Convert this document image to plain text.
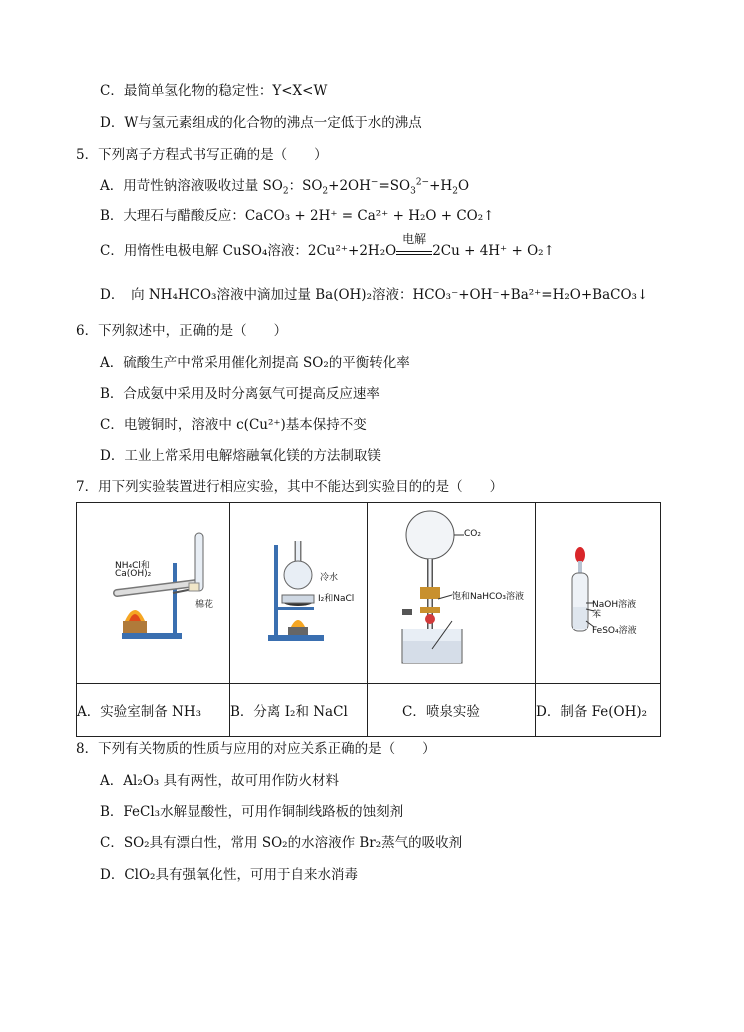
C．最简单氢化物的稳定性：Y<X<W
D．W与氢元素组成的化合物的沸点一定低于水的沸点
5．下列离子方程式书写正确的是（　　）
A．用苛性钠溶液吸收过量 $SO_2$：$SO_2+2OH^-=SO_3^{2-}+H_2O$
B．大理石与醋酸反应：CaCO₃ + 2H⁺ = Ca²⁺ + H₂O + CO₂↑
C．用惰性电极电解 CuSO₄溶液：2Cu²⁺+2H₂O
电解
2Cu + 4H⁺ + O₂↑
D．　向 NH₄HCO₃溶液中滴加过量 Ba(OH)₂溶液：HCO₃⁻+OH⁻+Ba²⁺=H₂O+BaCO₃↓
6．下列叙述中，正确的是（　　）
A．硫酸生产中常采用催化剂提高 SO₂的平衡转化率
B．合成氨中采用及时分离氨气可提高反应速率
C．电镀铜时，溶液中 c(Cu²⁺)基本保持不变
D．工业上常采用电解熔融氧化镁的方法制取镁
7．用下列实验装置进行相应实验，其中不能达到实验目的的是（　　）
NH₄Cl和
Ca(OH)₂
棉花	冷水
I₂和NaCl	CO₂
饱和NaHCO₃溶液	NaOH溶液
苯
FeSO₄溶液

A．实验室制备 NH₃	B．分离 I₂和 NaCl	C．喷泉实验	D．制备 Fe(OH)₂
8．下列有关物质的性质与应用的对应关系正确的是（　　）
A．Al₂O₃ 具有两性，故可用作防火材料
B．FeCl₃水解显酸性，可用作铜制线路板的蚀刻剂
C．SO₂具有漂白性，常用 SO₂的水溶液作 Br₂蒸气的吸收剂
D．ClO₂具有强氧化性，可用于自来水消毒
